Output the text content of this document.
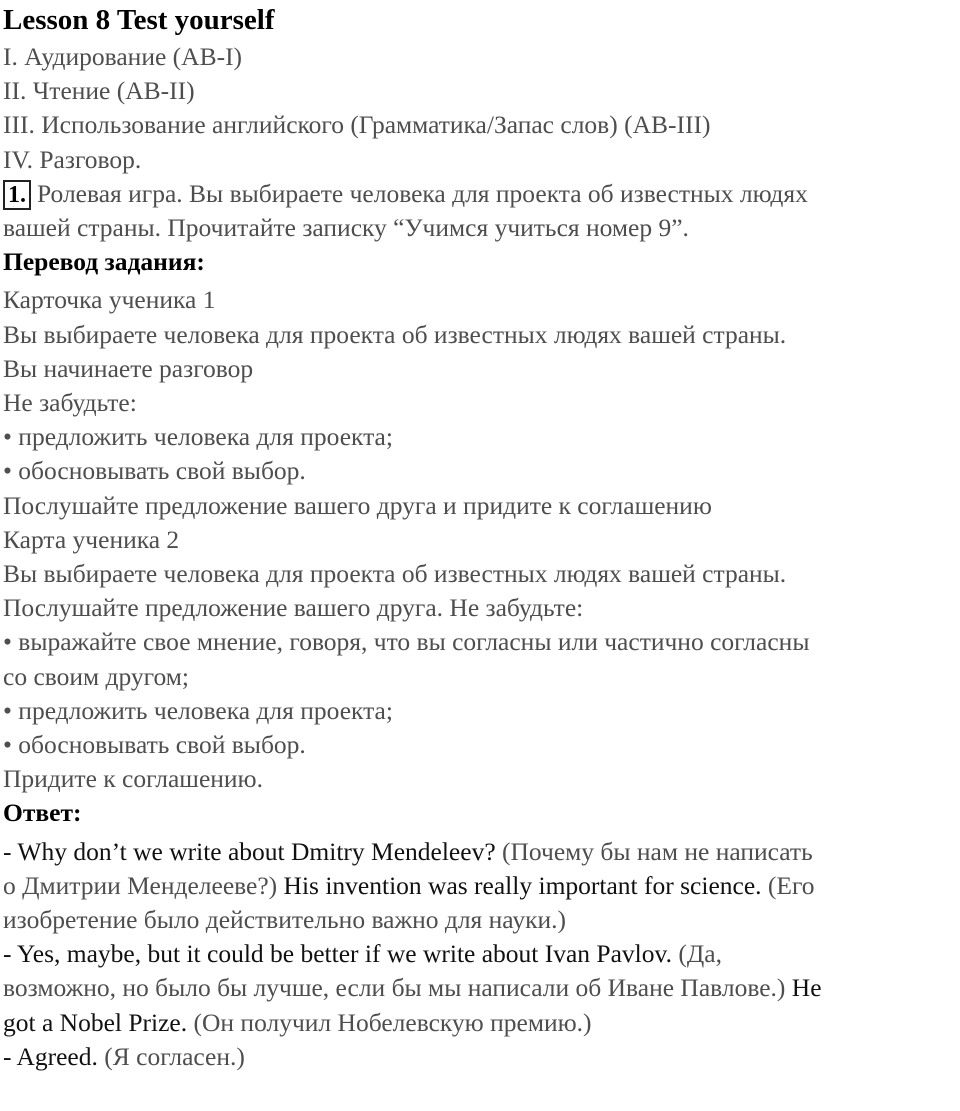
Lesson 8 Test yourself
I. Аудирование (AB-I)
II. Чтение (AB-II)
III. Использование английского (Грамматика/Запас слов) (AB-III)
IV. Разговор.
1. Ролевая игра. Вы выбираете человека для проекта об известных людях
вашей страны. Прочитайте записку “Учимся учиться номер 9”.
Перевод задания:
Карточка ученика 1
Вы выбираете человека для проекта об известных людях вашей страны.
Вы начинаете разговор
Не забудьте:
• предложить человека для проекта;
• обосновывать свой выбор.
Послушайте предложение вашего друга и придите к соглашению
Карта ученика 2
Вы выбираете человека для проекта об известных людях вашей страны.
Послушайте предложение вашего друга. Не забудьте:
• выражайте свое мнение, говоря, что вы согласны или частично согласны
со своим другом;
• предложить человека для проекта;
• обосновывать свой выбор.
Придите к соглашению.
Ответ:
- Why don’t we write about Dmitry Mendeleev? (Почему бы нам не написать
о Дмитрии Менделееве?) His invention was really important for science. (Его
изобретение было действительно важно для науки.)
- Yes, maybe, but it could be better if we write about Ivan Pavlov. (Да,
возможно, но было бы лучше, если бы мы написали об Иване Павлове.) He
got a Nobel Prize. (Он получил Нобелевскую премию.)
- Agreed. (Я согласен.)
